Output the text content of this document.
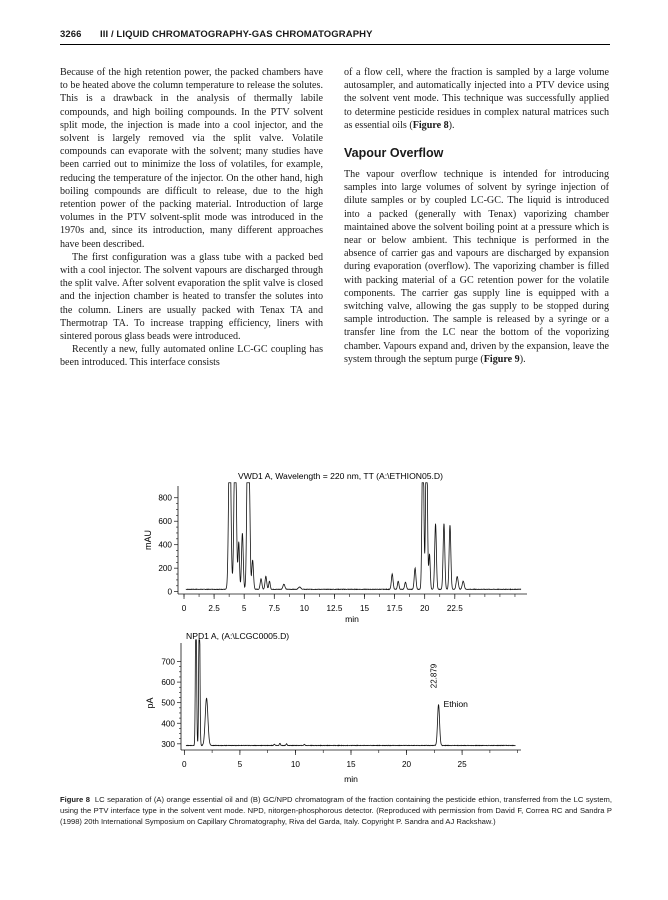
3266 III / LIQUID CHROMATOGRAPHY-GAS CHROMATOGRAPHY

Because of the high retention power, the packed chambers have to be heated above the column temperature to release the solutes. This is a drawback in the analysis of thermally labile compounds, and high boiling compounds. In the PTV solvent split mode, the injection is made into a cool injector, and the solvent is largely removed via the split valve. Volatile compounds can evaporate with the solvent; many studies have been carried out to minimize the loss of volatiles, for example, reducing the temperature of the injector. On the other hand, high boiling compounds are difficult to release, due to the high retention power of the packing material. Introduction of large volumes in the PTV solvent-split mode was introduced in the 1970s and, since its introduction, many different approaches have been described.

The first configuration was a glass tube with a packed bed with a cool injector. The solvent vapours are discharged through the split valve. After solvent evaporation the split valve is closed and the injection chamber is heated to transfer the solutes into the column. Liners are usually packed with Tenax TA and Thermotrap TA. To increase trapping efficiency, liners with sintered porous glass beads were introduced.

Recently a new, fully automated online LC-GC coupling has been introduced. This interface consists

of a flow cell, where the fraction is sampled by a large volume autosampler, and automatically injected into a PTV device using the solvent vent mode. This technique was successfully applied to determine pesticide residues in complex natural matrices such as essential oils (Figure 8).

Vapour Overflow

The vapour overflow technique is intended for introducing samples into large volumes of solvent by syringe injection of dilute samples or by coupled LC-GC. The liquid is introduced into a packed (generally with Tenax) vaporizing chamber maintained above the solvent boiling point at a pressure which is near or below ambient. This technique is performed in the absence of carrier gas and vapours are discharged by expansion during evaporation (overflow). The vaporizing chamber is filled with packing material of a GC retention power for the volatile components. The carrier gas supply line is equipped with a switching valve, allowing the gas supply to be stopped during sample introduction. The sample is released by a syringe or a transfer line from the LC near the bottom of the voporizing chamber. Vapours expand and, driven by the expansion, leave the system through the septum purge (Figure 9).

VWD1 A, Wavelength = 220 nm, TT (A:\ETHION05.D)
mAU
min
0
200
400
600
800
0	2.5	5	7.5 10 12.5 15 17.5 20 22.5
NPD1 A, (A:\LCGC0005.D)
pA
min
300
400
500
600
700
0	5	10	15	20	25
22.879
Ethion
Figure 8 LC separation of (A) orange essential oil and (B) GC/NPD chromatogram of the fraction containing the pesticide ethion, transferred from the LC system, using the PTV interface type in the solvent vent mode. NPD, nitorgen-phosphorous detector. (Reproduced with permission from David F, Correa RC and Sandra P (1998) 20th International Symposium on Capillary Chromatography, Riva del Garda, Italy. Copyright P. Sandra and AJ Rackshaw.)
